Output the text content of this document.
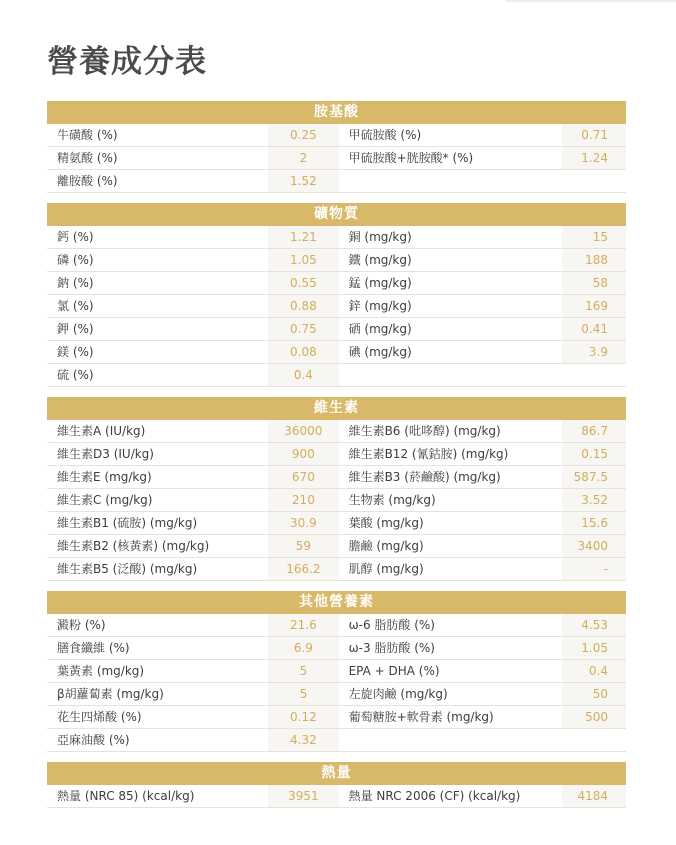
營養成分表
胺基酸
牛磺酸 (%)	0.25	甲硫胺酸 (%)	0.71
精氨酸 (%)	2	甲硫胺酸+胱胺酸* (%)	1.24
離胺酸 (%)	1.52
礦物質
鈣 (%)	1.21	銅 (mg/kg)	15
磷 (%)	1.05	鐵 (mg/kg)	188
鈉 (%)	0.55	錳 (mg/kg)	58
氯 (%)	0.88	鋅 (mg/kg)	169
鉀 (%)	0.75	硒 (mg/kg)	0.41
鎂 (%)	0.08	碘 (mg/kg)	3.9
硫 (%)	0.4
維生素
維生素A (IU/kg)	36000	維生素B6 (吡哆醇) (mg/kg)	86.7
維生素D3 (IU/kg)	900	維生素B12 (氰鈷胺) (mg/kg)	0.15
維生素E (mg/kg)	670	維生素B3 (菸鹼酸) (mg/kg)	587.5
維生素C (mg/kg)	210	生物素 (mg/kg)	3.52
維生素B1 (硫胺) (mg/kg)	30.9	葉酸 (mg/kg)	15.6
維生素B2 (核黃素) (mg/kg)	59	膽鹼 (mg/kg)	3400
維生素B5 (泛酸) (mg/kg)	166.2	肌醇 (mg/kg)	-
其他營養素
澱粉 (%)	21.6	ω-6 脂肪酸 (%)	4.53
膳食纖維 (%)	6.9	ω-3 脂肪酸 (%)	1.05
葉黃素 (mg/kg)	5	EPA + DHA (%)	0.4
β胡蘿蔔素 (mg/kg)	5	左旋肉鹼 (mg/kg)	50
花生四烯酸 (%)	0.12	葡萄糖胺+軟骨素 (mg/kg)	500
亞麻油酸 (%)	4.32
熱量
熱量 (NRC 85) (kcal/kg)	3951	熱量 NRC 2006 (CF) (kcal/kg)	4184
